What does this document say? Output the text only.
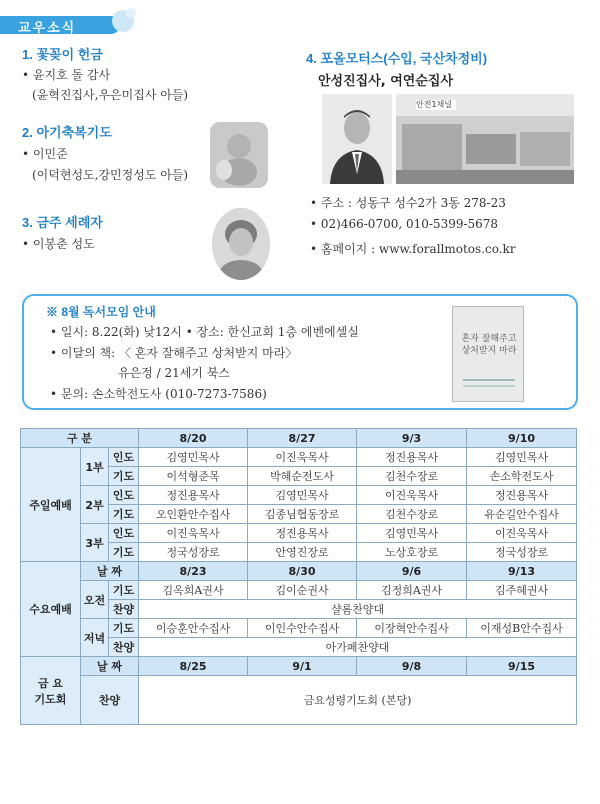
교우소식
1. 꽃꽂이 헌금
• 윤지호 돌 감사
(윤혁진집사,우은미집사 아들)
2. 아기축복기도
• 이민준
(이덕현성도,강민정성도 아들)
3. 금주 세례자
• 이봉춘 성도
4. 포올모터스(수입, 국산차정비)
안성진집사, 여연순집사
안전1채널
• 주소 : 성동구 성수2가 3동 278-23
• 02)466-0700, 010-5399-5678
• 홈페이지 : www.forallmotos.co.kr
※ 8월 독서모임 안내
• 일시: 8.22(화) 낮12시 • 장소: 한신교회 1층 에벤에셀실
• 이달의 책: 〈 혼자 잘해주고 상처받지 마라〉
유은정 / 21세기 북스
• 문의: 손소학전도사 (010-7273-7586)
혼자 잘해주고 상처받지 마라
구 분			8/20	8/27	9/3	9/10
주일예배	1부	인도	김영민목사	이진욱목사	정진용목사	김영민목사
		기도	이석형준목	박혜순전도사	김천수장로	손소학전도사
	2부	인도	정진용목사	김영민목사	이진욱목사	정진용목사
		기도	오인환안수집사	김종님협동장로	김천수장로	유순길안수집사
	3부	인도	이진욱목사	정진용목사	김영민목사	이진욱목사
		기도	정국성장로	안영진장로	노상호장로	정국성장로
수요예배	날 짜		8/23	8/30	9/6	9/13
	오전	기도	김옥희A권사	김이순권사	김정희A권사	김주혜권사
		찬양	샬롬찬양대			
	저녁	기도	이승훈안수집사	이인수안수집사	이장혁안수집사	이재성B안수집사
		찬양	아가페찬양대			

금 요
기도회	날 짜		8/25	9/1	9/8	9/15
	찬양		금요성령기도회 (본당)			
